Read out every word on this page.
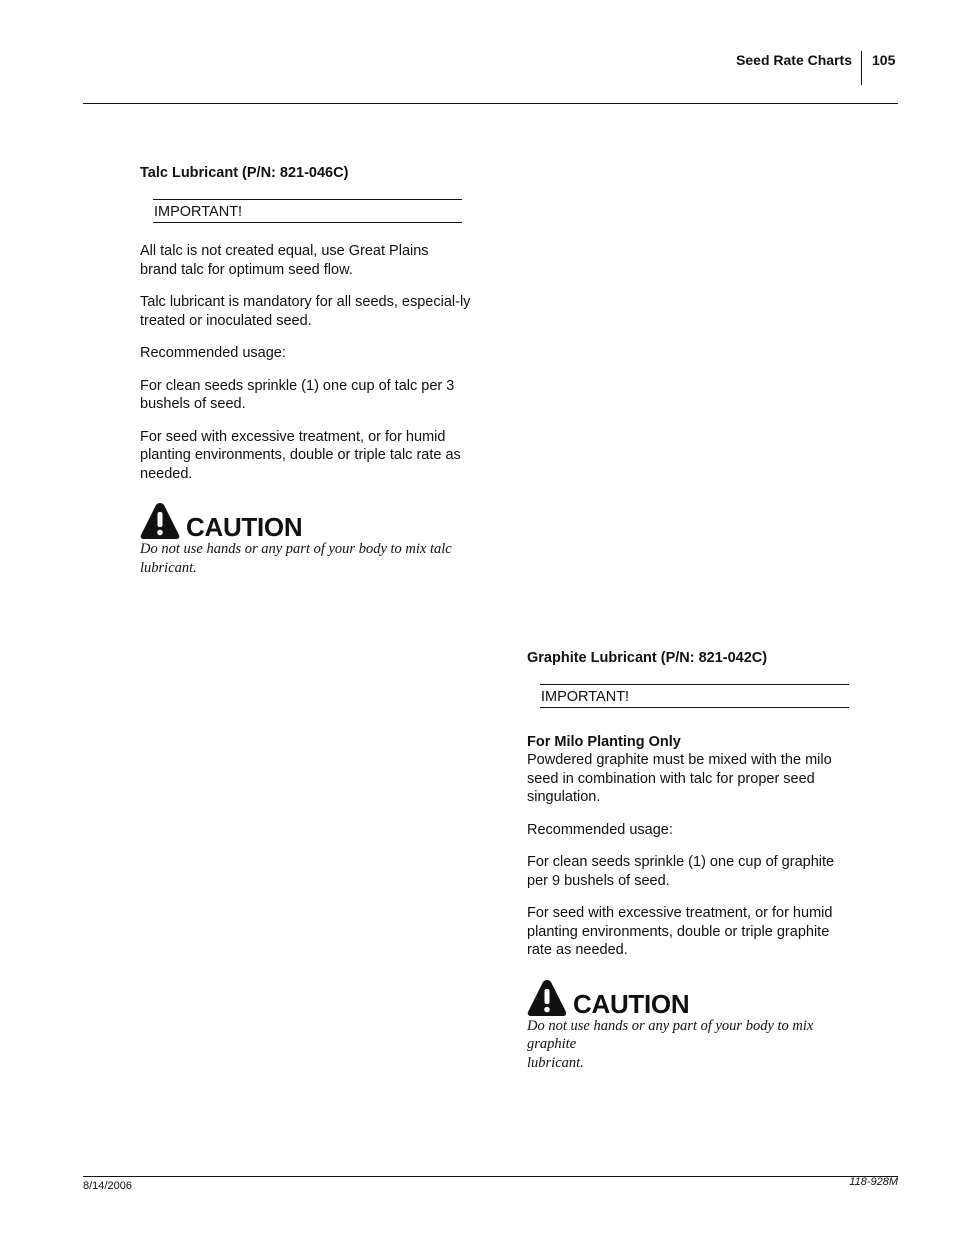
Seed Rate Charts 105
Talc Lubricant (P/N: 821-046C)
IMPORTANT!

All talc is not created equal, use Great Plains brand talc for optimum seed flow.

Talc lubricant is mandatory for all seeds, especial-ly treated or inoculated seed.

Recommended usage:

For clean seeds sprinkle (1) one cup of talc per 3 bushels of seed.

For seed with excessive treatment, or for humid planting environments, double or triple talc rate as needed.

CAUTION

Do not use hands or any part of your body to mix talc lubricant.

Graphite Lubricant (P/N: 821-042C)
IMPORTANT!

For Milo Planting Only

Powdered graphite must be mixed with the milo seed in combination with talc for proper seed singulation.

Recommended usage:

For clean seeds sprinkle (1) one cup of graphite per 9 bushels of seed.

For seed with excessive treatment, or for humid planting environments, double or triple graphite rate as needed.

CAUTION

Do not use hands or any part of your body to mix

graphite

lubricant.

8/14/2006	118-928M
